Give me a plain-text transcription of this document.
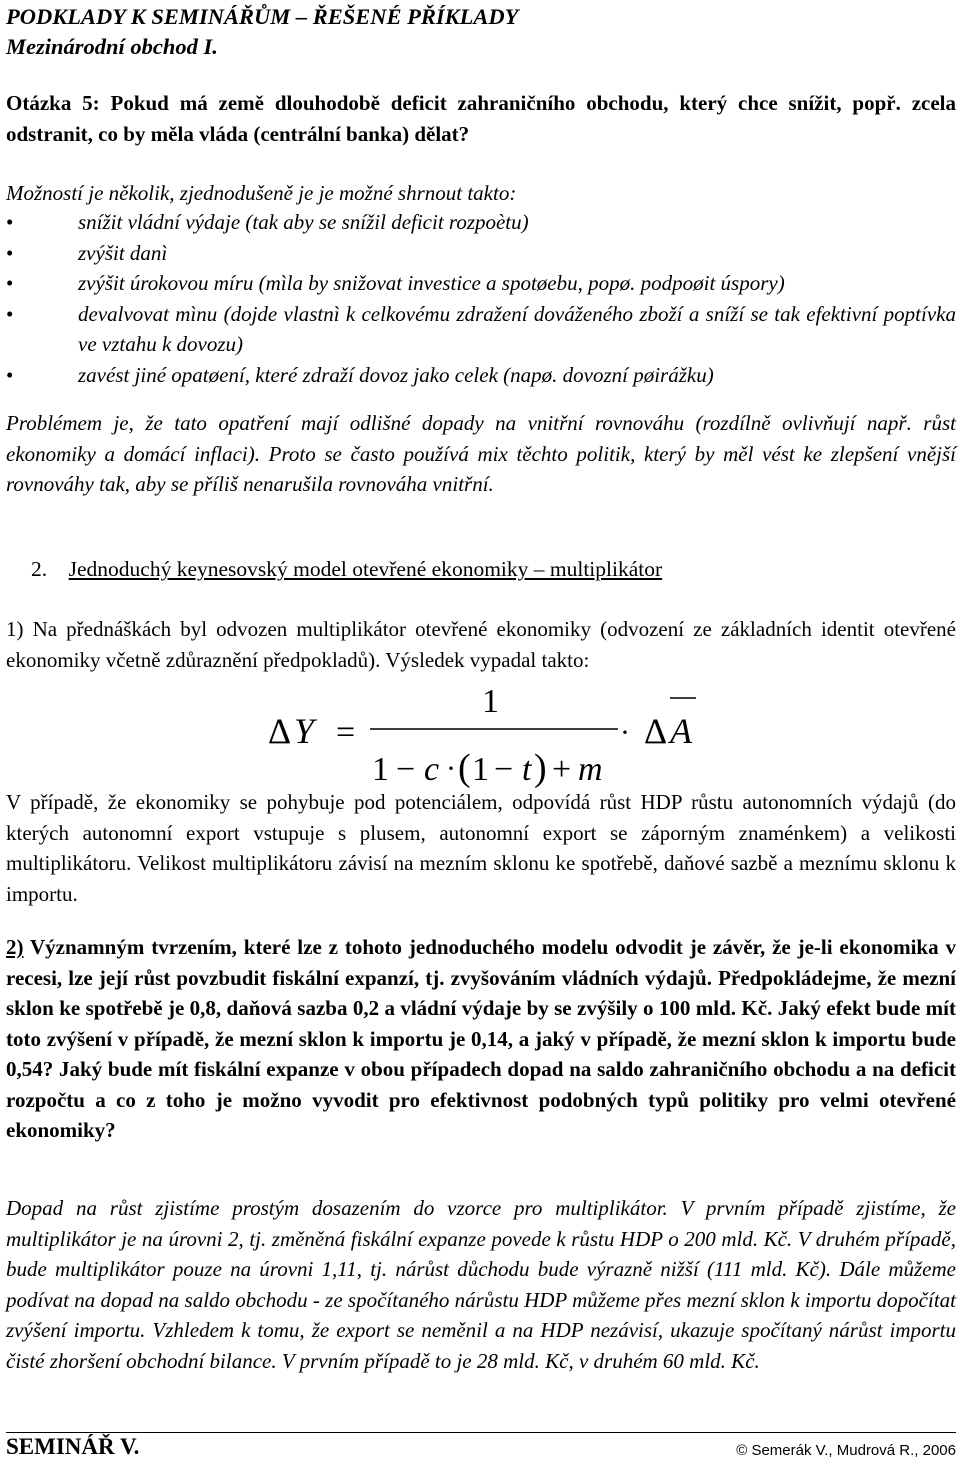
PODKLADY K SEMINÁŘŮM – ŘEŠENÉ PŘÍKLADY
Mezinárodní obchod I.

Otázka 5: Pokud má země dlouhodobě deficit zahraničního obchodu, který chce snížit, popř. zcela odstranit, co by měla vláda (centrální banka) dělat?

Možností je několik, zjednodušeně je je možné shrnout takto:

•	snížit vládní výdaje (tak aby se snížil deficit rozpoètu)
•	zvýšit danì
•	zvýšit úrokovou míru (mìla by snižovat investice a spotøebu, popø. podpoøit úspory)
•	devalvovat mìnu (dojde vlastnì k celkovému zdražení dováženého zboží a sníží se tak efektivní poptívka ve vztahu k dovozu)
•	zavést jiné opatøení, které zdraží dovoz jako celek (napø. dovozní pøirážku)

Problémem je, že tato opatření mají odlišné dopady na vnitřní rovnováhu (rozdílně ovlivňují např. růst ekonomiky a domácí inflaci). Proto se často používá mix těchto politik, který by měl vést ke zlepšení vnější rovnováhy tak, aby se příliš nenarušila rovnováha vnitřní.

2. Jednoduchý keynesovský model otevřené ekonomiky – multiplikátor

1) Na přednáškách byl odvozen multiplikátor otevřené ekonomiky (odvození ze základních identit otevřené ekonomiky včetně zdůraznění předpokladů). Výsledek vypadal takto:

Δ Y =
1
1 − c · ( 1 − t ) + m
· Δ A

V případě, že ekonomiky se pohybuje pod potenciálem, odpovídá růst HDP růstu autonomních výdajů (do kterých autonomní export vstupuje s plusem, autonomní export se záporným znaménkem) a velikosti multiplikátoru. Velikost multiplikátoru závisí na mezním sklonu ke spotřebě, daňové sazbě a meznímu sklonu k importu.

2) Významným tvrzením, které lze z tohoto jednoduchého modelu odvodit je závěr, že je-li ekonomika v recesi, lze její růst povzbudit fiskální expanzí, tj. zvyšováním vládních výdajů. Předpokládejme, že mezní sklon ke spotřebě je 0,8, daňová sazba 0,2 a vládní výdaje by se zvýšily o 100 mld. Kč. Jaký efekt bude mít toto zvýšení v případě, že mezní sklon k importu je 0,14, a jaký v případě, že mezní sklon k importu bude 0,54? Jaký bude mít fiskální expanze v obou případech dopad na saldo zahraničního obchodu a na deficit rozpočtu a co z toho je možno vyvodit pro efektivnost podobných typů politiky pro velmi otevřené ekonomiky?

Dopad na růst zjistíme prostým dosazením do vzorce pro multiplikátor. V prvním případě zjistíme, že multiplikátor je na úrovni 2, tj. změněná fiskální expanze povede k růstu HDP o 200 mld. Kč. V druhém případě, bude multiplikátor pouze na úrovni 1,11, tj. nárůst důchodu bude výrazně nižší (111 mld. Kč). Dále můžeme podívat na dopad na saldo obchodu - ze spočítaného nárůstu HDP můžeme přes mezní sklon k importu dopočítat zvýšení importu. Vzhledem k tomu, že export se neměnil a na HDP nezávisí, ukazuje spočítaný nárůst importu čisté zhoršení obchodní bilance. V prvním případě to je 28 mld. Kč, v druhém 60 mld. Kč.

SEMINÁŘ V.	© Semerák V., Mudrová R., 2006
